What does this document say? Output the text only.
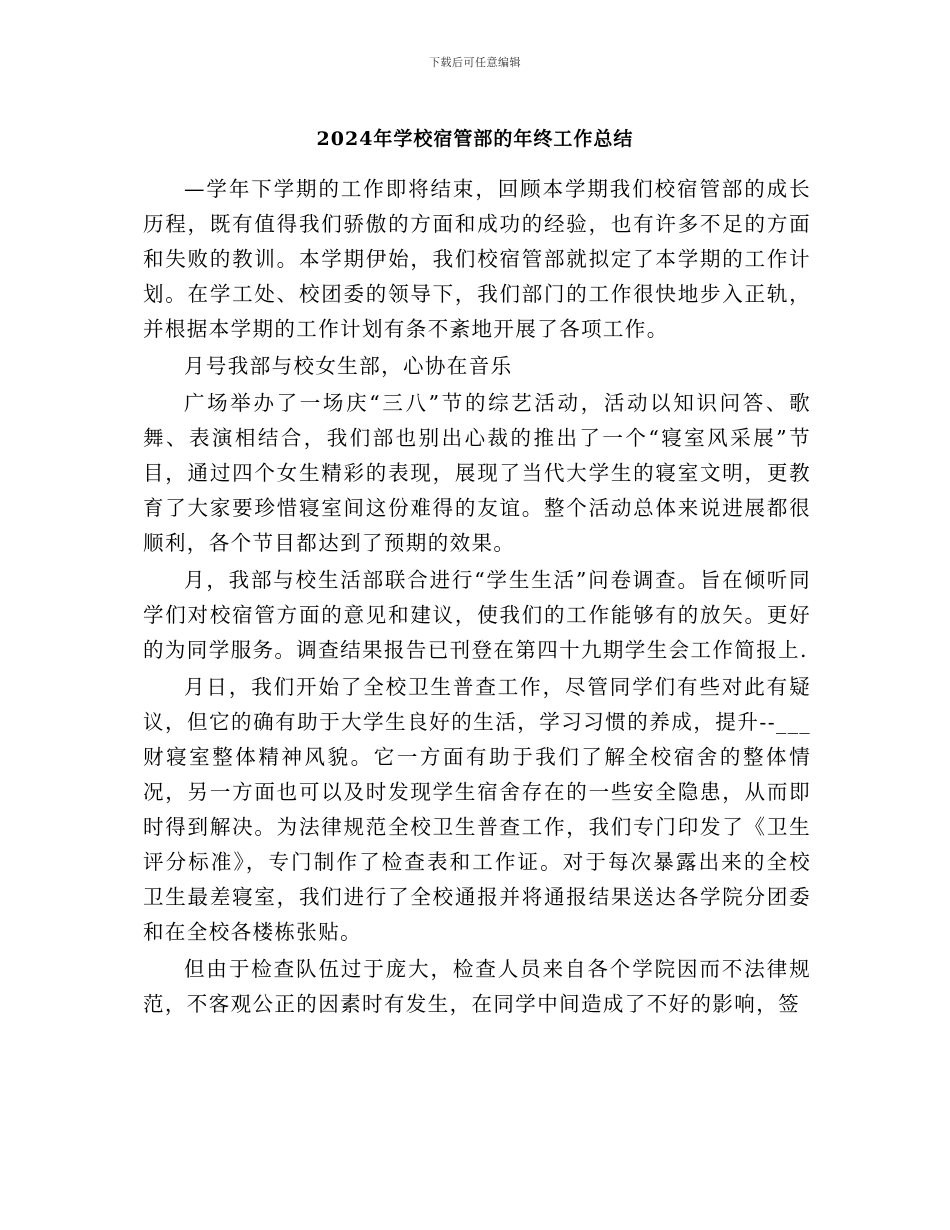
下载后可任意编辑
2024年学校宿管部的年终工作总结

—学年下学期的工作即将结束，回顾本学期我们校宿管部的成长历程，既有值得我们骄傲的方面和成功的经验，也有许多不足的方面和失败的教训。本学期伊始，我们校宿管部就拟定了本学期的工作计划。在学工处、校团委的领导下，我们部门的工作很快地步入正轨，并根据本学期的工作计划有条不紊地开展了各项工作。

月号我部与校女生部，心协在音乐

广场举办了一场庆“三八”节的综艺活动，活动以知识问答、歌舞、表演相结合，我们部也别出心裁的推出了一个“寝室风采展”节目，通过四个女生精彩的表现，展现了当代大学生的寝室文明，更教育了大家要珍惜寝室间这份难得的友谊。整个活动总体来说进展都很顺利，各个节目都达到了预期的效果。

月，我部与校生活部联合进行“学生生活”问卷调查。旨在倾听同学们对校宿管方面的意见和建议，使我们的工作能够有的放矢。更好的为同学服务。调查结果报告已刊登在第四十九期学生会工作简报上.

月日，我们开始了全校卫生普查工作，尽管同学们有些对此有疑议，但它的确有助于大学生良好的生活，学习习惯的养成，提升--___财寝室整体精神风貌。它一方面有助于我们了解全校宿舍的整体情况，另一方面也可以及时发现学生宿舍存在的一些安全隐患，从而即时得到解决。为法律规范全校卫生普查工作，我们专门印发了《卫生评分标准》，专门制作了检查表和工作证。对于每次暴露出来的全校卫生最差寝室，我们进行了全校通报并将通报结果送达各学院分团委和在全校各楼栋张贴。

但由于检查队伍过于庞大，检查人员来自各个学院因而不法律规范，不客观公正的因素时有发生，在同学中间造成了不好的影响，签
